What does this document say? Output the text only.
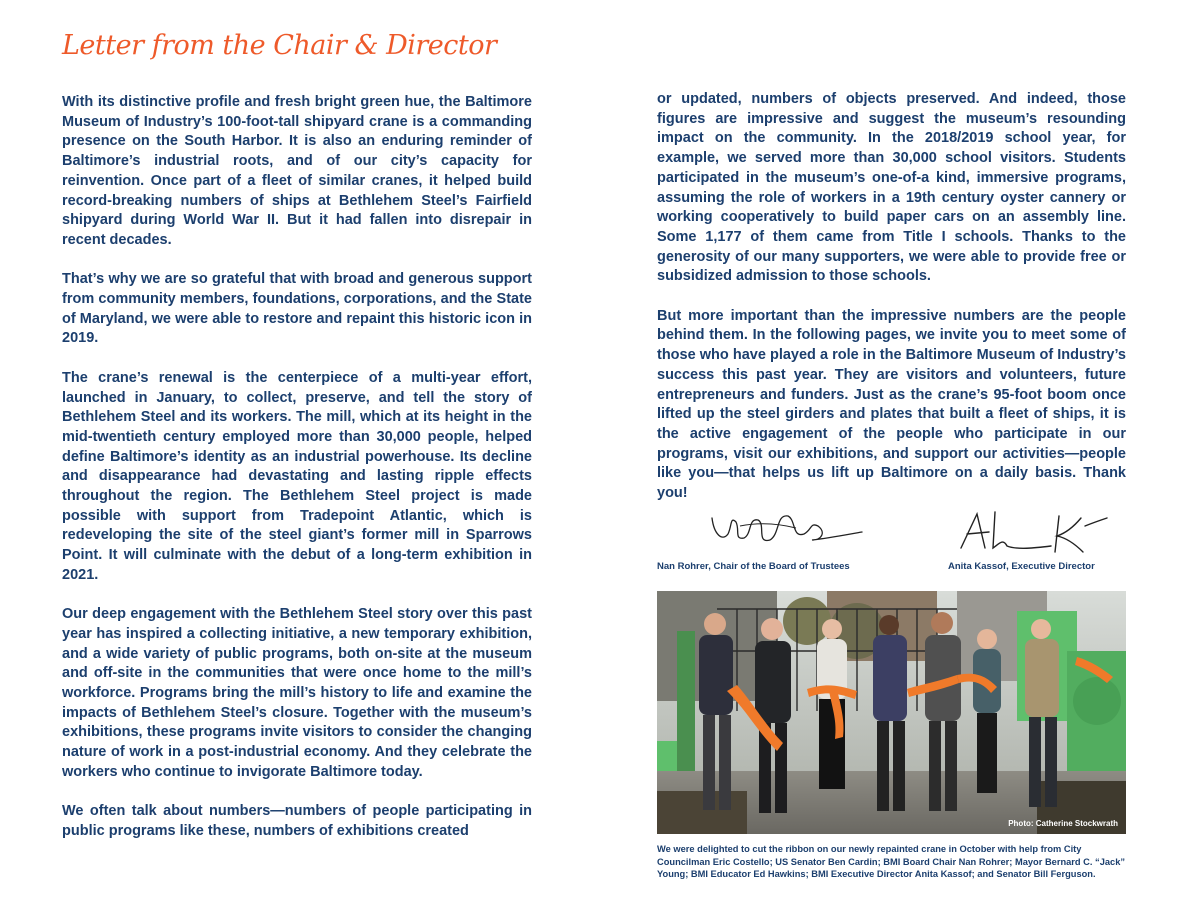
Letter from the Chair & Director

With its distinctive profile and fresh bright green hue, the Baltimore Museum of Industry’s 100-foot-tall shipyard crane is a commanding presence on the South Harbor. It is also an enduring reminder of Baltimore’s industrial roots, and of our city’s capacity for reinvention. Once part of a fleet of similar cranes, it helped build record-breaking numbers of ships at Bethlehem Steel’s Fairfield shipyard during World War II. But it had fallen into disrepair in recent decades.

That’s why we are so grateful that with broad and generous support from community members, foundations, corporations, and the State of Maryland, we were able to restore and repaint this historic icon in 2019.

The crane’s renewal is the centerpiece of a multi-year effort, launched in January, to collect, preserve, and tell the story of Bethlehem Steel and its workers. The mill, which at its height in the mid-twentieth century employed more than 30,000 people, helped define Baltimore’s identity as an industrial powerhouse. Its decline and disappearance had devastating and lasting ripple effects throughout the region. The Bethlehem Steel project is made possible with support from Tradepoint Atlantic, which is redeveloping the site of the steel giant’s former mill in Sparrows Point. It will culminate with the debut of a long-term exhibition in 2021.

Our deep engagement with the Bethlehem Steel story over this past year has inspired a collecting initiative, a new temporary exhibition, and a wide variety of public programs, both on-site at the museum and off-site in the communities that were once home to the mill’s workforce. Programs bring the mill’s history to life and examine the impacts of Bethlehem Steel’s closure. Together with the museum’s exhibitions, these programs invite visitors to consider the changing nature of work in a post-industrial economy. And they celebrate the workers who continue to invigorate Baltimore today.

We often talk about numbers—numbers of people participating in public programs like these, numbers of exhibitions created

or updated, numbers of objects preserved. And indeed, those figures are impressive and suggest the museum’s resounding impact on the community. In the 2018/2019 school year, for example, we served more than 30,000 school visitors. Students participated in the museum’s one-of-a kind, immersive programs, assuming the role of workers in a 19th century oyster cannery or working cooperatively to build paper cars on an assembly line. Some 1,177 of them came from Title I schools. Thanks to the generosity of our many supporters, we were able to provide free or subsidized admission to those schools.

But more important than the impressive numbers are the people behind them. In the following pages, we invite you to meet some of those who have played a role in the Baltimore Museum of Industry’s success this past year. They are visitors and volunteers, future entrepreneurs and funders. Just as the crane’s 95-foot boom once lifted up the steel girders and plates that built a fleet of ships, it is the active engagement of the people who participate in our programs, visit our exhibitions, and support our activities—people like you—that helps us lift up Baltimore on a daily basis. Thank you!

Nan Rohrer, Chair of the Board of Trustees	Anita Kassof, Executive Director
Photo: Catherine Stockwrath
We were delighted to cut the ribbon on our newly repainted crane in October with help from City Councilman Eric Costello; US Senator Ben Cardin; BMI Board Chair Nan Rohrer; Mayor Bernard C. “Jack” Young; BMI Educator Ed Hawkins; BMI Executive Director Anita Kassof; and Senator Bill Ferguson.
